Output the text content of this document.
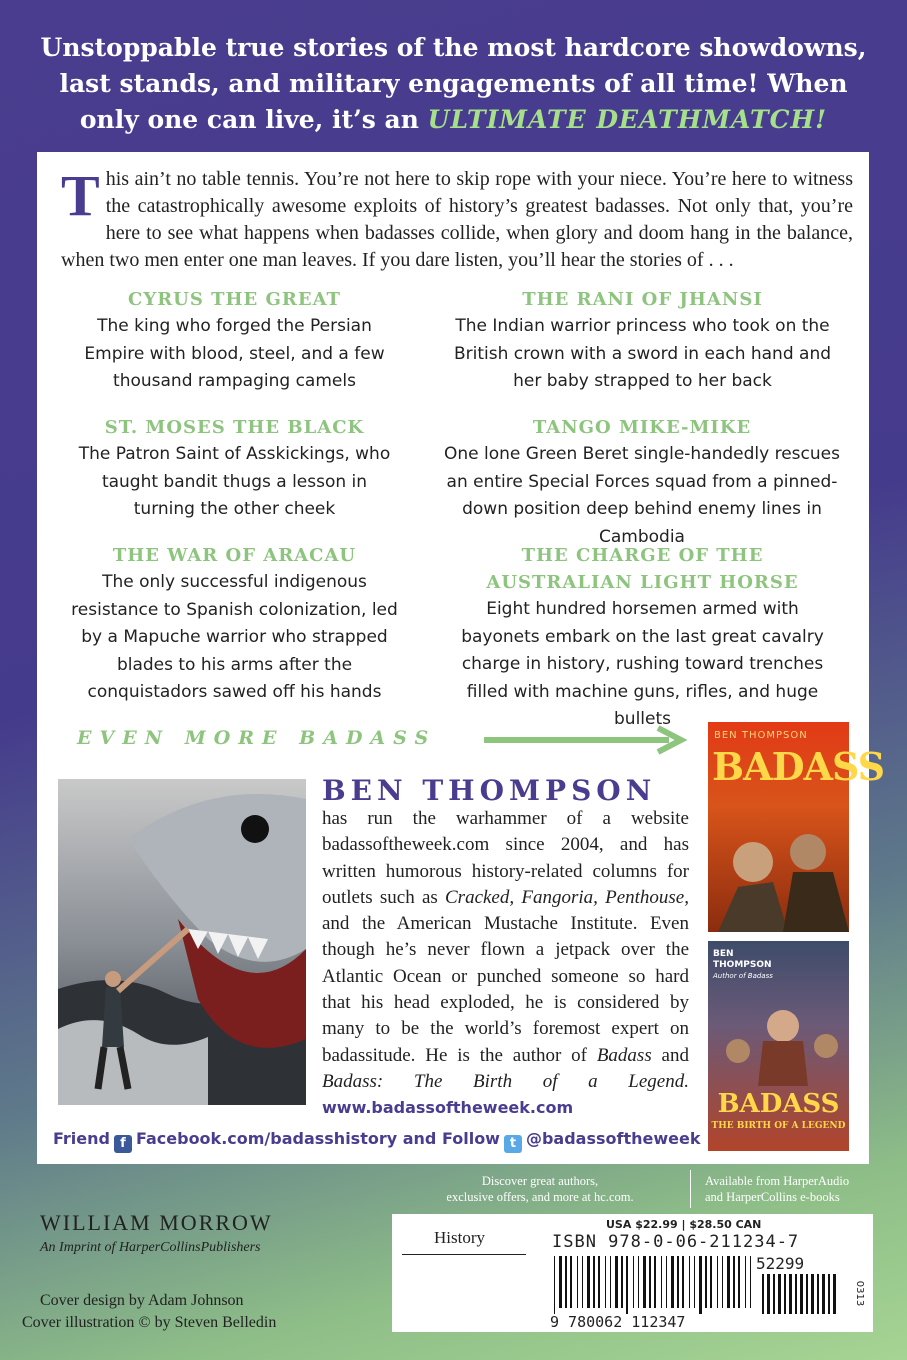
Unstoppable true stories of the most hardcore showdowns,
last stands, and military engagements of all time! When
only one can live, it’s an ULTIMATE DEATHMATCH!
This ain’t no table tennis. You’re not here to skip rope with your niece. You’re here to witness the catastrophically awesome exploits of history’s greatest badasses. Not only that, you’re here to see what happens when badasses collide, when glory and doom hang in the balance, when two men enter one man leaves. If you dare listen, you’ll hear the stories of . . .
CYRUS THE GREAT
The king who forged the Persian Empire with blood, steel, and a few thousand rampaging camels
THE RANI OF JHANSI
The Indian warrior princess who took on the British crown with a sword in each hand and her baby strapped to her back
ST. MOSES THE BLACK
The Patron Saint of Asskickings, who taught bandit thugs a lesson in turning the other cheek
TANGO MIKE-MIKE
One lone Green Beret single-handedly rescues an entire Special Forces squad from a pinned-down position deep behind enemy lines in Cambodia
THE WAR OF ARACAU
The only successful indigenous resistance to Spanish colonization, led by a Mapuche warrior who strapped blades to his arms after the conquistadors sawed off his hands
THE CHARGE OF THE AUSTRALIAN LIGHT HORSE
Eight hundred horsemen armed with bayonets embark on the last great cavalry charge in history, rushing toward trenches filled with machine guns, rifles, and huge bullets
EVEN MORE BADASS
BEN THOMPSON
has run the warhammer of a website badassoftheweek.com since 2004, and has written humorous history-related columns for outlets such as Cracked, Fangoria, Penthouse, and the American Mustache Institute. Even though he’s never flown a jetpack over the Atlantic Ocean or punched someone so hard that his head exploded, he is considered by many to be the world’s foremost expert on badassitude. He is the author of Badass and Badass: The Birth of a Legend. www.badassoftheweek.com
BEN THOMPSON
BADASS
BEN
THOMPSON
Author of Badass
BADASS
THE BIRTH OF A LEGEND
Friend f Facebook.com/badasshistory and Follow t @badassoftheweek
Discover great authors,
exclusive offers, and more at hc.com.
Available from HarperAudio
and HarperCollins e-books
WILLIAM MORROW
An Imprint of HarperCollinsPublishers
Cover design by Adam Johnson
Cover illustration © by Steven Belledin
History
USA $22.99 | $28.50 CAN
ISBN 978-0-06-211234-7
52299
9 780062 112347
0313
